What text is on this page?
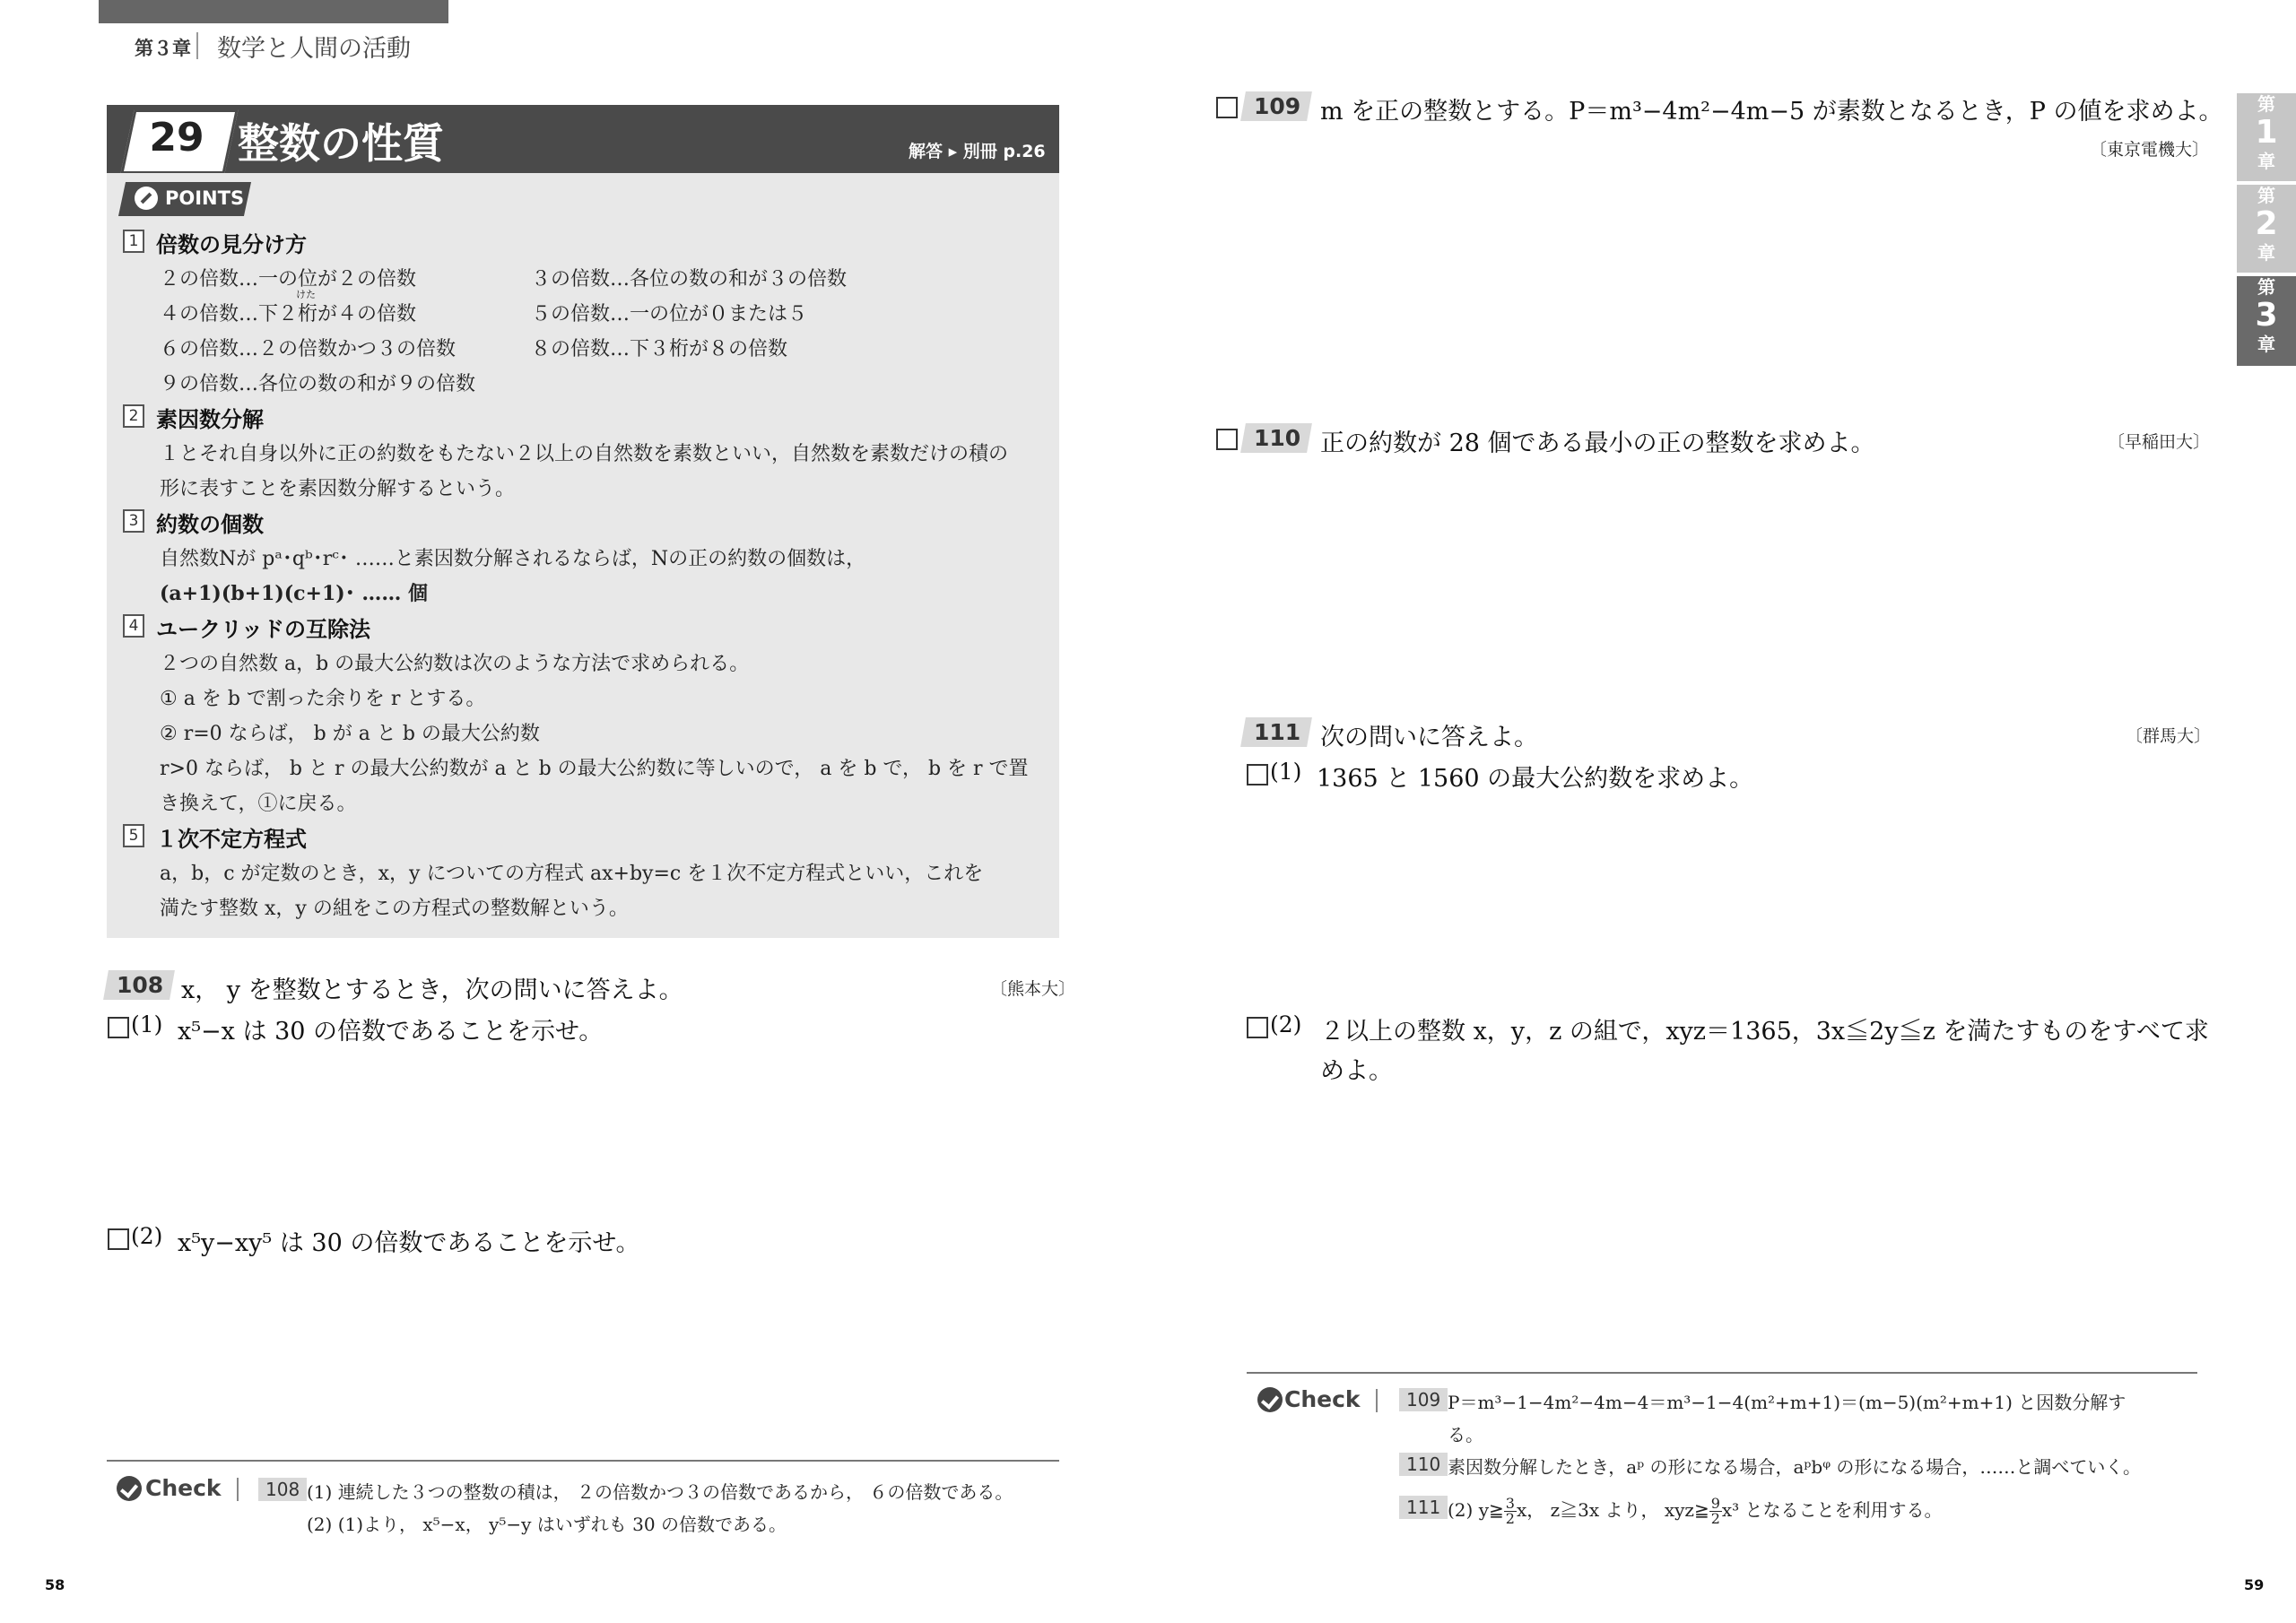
第３章 数学と人間の活動
29 整数の性質	解答 ▸ 別冊 p.26
POINTS
1 倍数の見分け方
２の倍数…一の位が２の倍数	３の倍数…各位の数の和が３の倍数
けた
４の倍数…下２桁が４の倍数	５の倍数…一の位が０または５
６の倍数…２の倍数かつ３の倍数	８の倍数…下３桁が８の倍数
９の倍数…各位の数の和が９の倍数
2 素因数分解
１とそれ自身以外に正の約数をもたない２以上の自然数を素数といい，自然数を素数だけの積の
形に表すことを素因数分解するという。
3 約数の個数
自然数Nが pᵃ･qᵇ･rᶜ･ ……と素因数分解されるならば，Nの正の約数の個数は，
(a+1)(b+1)(c+1)･ …… 個
4 ユークリッドの互除法
２つの自然数 a，b の最大公約数は次のような方法で求められる。
① a を b で割った余りを r とする。
② r=0 ならば， b が a と b の最大公約数
r>0 ならば， b と r の最大公約数が a と b の最大公約数に等しいので， a を b で， b を r で置
き換えて，①に戻る。
5 １次不定方程式
a，b，c が定数のとき，x，y についての方程式 ax+by=c を１次不定方程式といい，これを
満たす整数 x，y の組をこの方程式の整数解という。
108 x， y を整数とするとき，次の問いに答えよ。	〔熊本大〕
(1) x⁵−x は 30 の倍数であることを示せ。
(2) x⁵y−xy⁵ は 30 の倍数であることを示せ。
Check	108 (1) 連続した３つの整数の積は， ２の倍数かつ３の倍数であるから， ６の倍数である。
(2) (1)より， x⁵−x， y⁵−y はいずれも 30 の倍数である。
109 m を正の整数とする。P＝m³−4m²−4m−5 が素数となるとき，P の値を求めよ。
〔東京電機大〕
110 正の約数が 28 個である最小の正の整数を求めよ。	〔早稲田大〕
111 次の問いに答えよ。	〔群馬大〕
(1) 1365 と 1560 の最大公約数を求めよ。
(2) ２以上の整数 x，y，z の組で，xyz＝1365，3x≦2y≦z を満たすものをすべて求
めよ。
Check	109 P＝m³−1−4m²−4m−4＝m³−1−4(m²+m+1)＝(m−5)(m²+m+1) と因数分解す
る。
110 素因数分解したとき，aᵖ の形になる場合，aᵖbᵠ の形になる場合，……と調べていく。
111 (2) y≧ $\frac{3}{2}$ x， z≧3x より， xyz≧ $\frac{9}{2} x^3$ となることを利用する。
第
1
章
第
2
章
第
3
章
58	59
